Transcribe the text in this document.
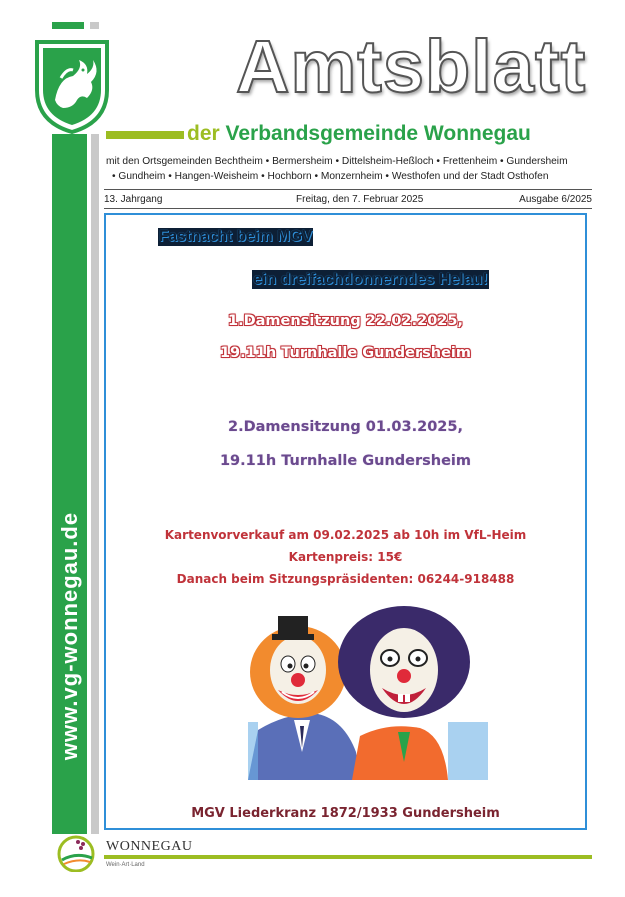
www.vg-wonnegau.de
Amtsblatt
der Verbandsgemeinde Wonnegau
mit den Ortsgemeinden Bechtheim • Bermersheim • Dittelsheim-Heßloch • Frettenheim • Gundersheim
• Gundheim • Hangen-Weisheim • Hochborn • Monzernheim • Westhofen und der Stadt Osthofen
13. Jahrgang	Freitag, den 7. Februar 2025	Ausgabe 6/2025
Fastnacht beim MGV
ein dreifachdonnerndes Helau!
1.Damensitzung 22.02.2025,
19.11h Turnhalle Gundersheim
2.Damensitzung 01.03.2025,
19.11h Turnhalle Gundersheim
Kartenvorverkauf am 09.02.2025 ab 10h im VfL-Heim
Kartenpreis: 15€
Danach beim Sitzungspräsidenten: 06244-918488
MGV Liederkranz 1872/1933 Gundersheim
WONNEGAU
Wein·Art·Land
